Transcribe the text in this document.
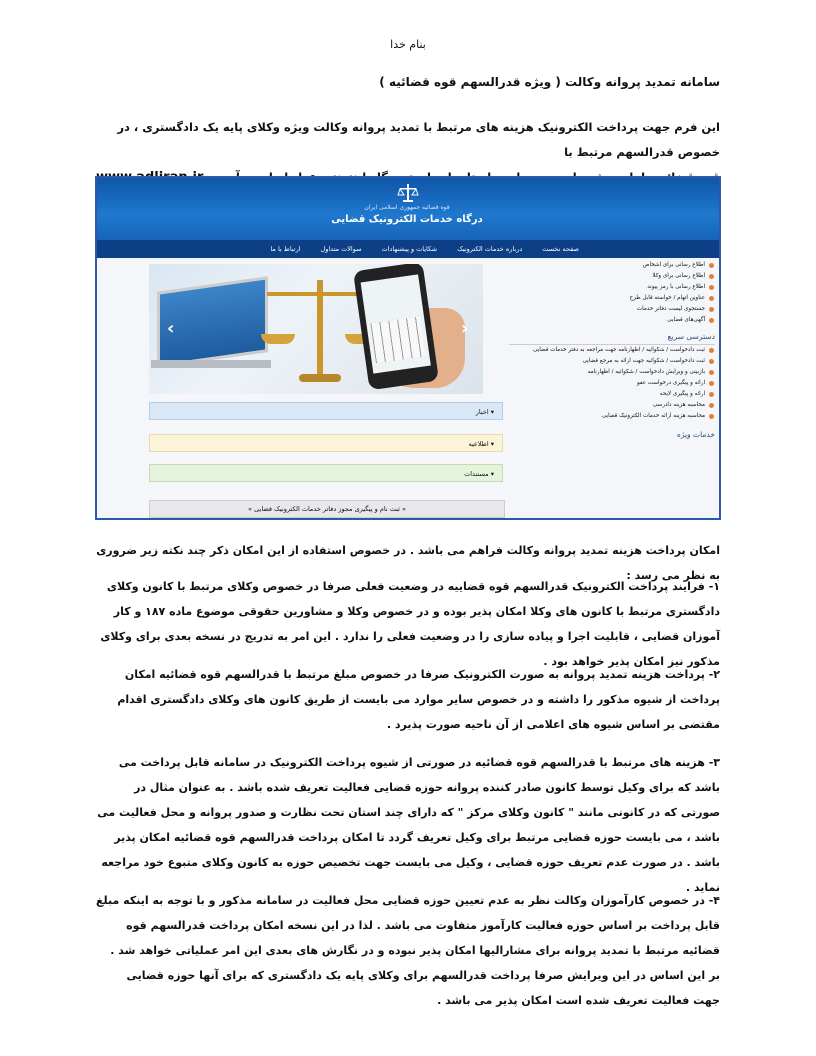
بنام خدا
سامانه تمدید پروانه وکالت ( ویژه قدرالسهم قوه قضائیه )
این فرم جهت پرداخت الکترونیک هزینه های مرتبط با تمدید پروانه وکالت ویژه وکلای پایه یک دادگستری ، در خصوص قدرالسهم مرتبط با
قوه قضائیه جمهوری اسلامی ایران
درگاه خدمات الکترونیک قضایی
صفحه نخست
درباره خدمات الکترونیک
شکایات و پیشنهادات
سوالات متداول
ارتباط با ما
‹	›
▾ اخبار
▾ اطلاعیه
▾ مستندات
« ثبت نام و پیگیری مجوز دفاتر خدمات الکترونیک قضایی »
اطلاع رسانی برای اشخاص
اطلاع رسانی برای وکلا
اطلاع رسانی با رمز پیوند
عناوین اتهام / خواسته قابل طرح
جستجوی لیست دفاتر خدمات
آگهی‌های قضایی
دسترسی سریع
ثبت دادخواست / شکوائیه / اظهارنامه جهت مراجعه به دفتر خدمات قضایی
ثبت دادخواست / شکوائیه جهت ارائه به مرجع قضایی
بازبینی و ویرایش دادخواست / شکوائیه / اظهارنامه
ارائه و پیگیری درخواست عفو
ارائه و پیگیری لایحه
محاسبه هزینه دادرسی
محاسبه هزینه ارائه خدمات الکترونیک قضایی
خدمات ویژه
امکان پرداخت هزینه تمدید پروانه وکالت فراهم می باشد . در خصوص استفاده از این امکان ذکر چند نکته زیر ضروری به نظر می رسد :
۱- فرایند پرداخت الکترونیک قدرالسهم قوه قضاییه در وضعیت فعلی صرفا در خصوص وکلای مرتبط با کانون وکلای دادگستری مرتبط با کانون های وکلا امکان پذیر بوده و در خصوص وکلا و مشاورین حقوقی موضوع ماده ۱۸۷ و کار آموزان قضایی ، قابلیت اجرا و پیاده سازی را در وضعیت فعلی را ندارد . این امر به تدریج در نسخه بعدی برای وکلای مذکور نیز امکان پذیر خواهد بود .
۲- پرداخت هزینه تمدید پروانه به صورت الکترونیک صرفا در خصوص مبلغ مرتبط با قدرالسهم قوه قضائیه امکان پرداخت از شیوه مذکور را داشته و در خصوص سایر موارد می بایست از طریق کانون های وکلای دادگستری اقدام مقتضی بر اساس شیوه های اعلامی از آن ناحیه صورت پذیرد .
۳- هزینه های مرتبط با قدرالسهم قوه قضائیه در صورتی از شیوه پرداخت الکترونیک در سامانه قابل پرداخت می باشد که برای وکیل توسط کانون صادر کننده پروانه حوزه قضایی فعالیت تعریف شده باشد . به عنوان مثال در صورتی که در کانونی مانند " کانون وکلای مرکز " که دارای چند استان تحت نظارت و صدور پروانه و محل فعالیت می باشد ، می بایست حوزه قضایی مرتبط برای وکیل تعریف گردد تا امکان پرداخت قدرالسهم قوه قضائیه امکان پذیر باشد . در صورت عدم تعریف حوزه قضایی ، وکیل می بایست جهت تخصیص حوزه به کانون وکلای متبوع خود مراجعه نماید .
۴- در خصوص کارآموزان وکالت نظر به عدم تعیین حوزه قضایی محل فعالیت در سامانه مذکور و با توجه به اینکه مبلغ قابل پرداخت بر اساس حوزه فعالیت کارآموز متفاوت می باشد . لذا در این نسخه امکان پرداخت قدرالسهم قوه قضائیه مرتبط با تمدید پروانه برای مشاراليها امکان پذیر نبوده و در نگارش های بعدی این امر عملیاتی خواهد شد . بر این اساس در این ویرایش صرفا پرداخت قدرالسهم برای وکلای پایه یک دادگستری که برای آنها حوزه قضایی جهت فعالیت تعریف شده است امکان پذیر می باشد .
